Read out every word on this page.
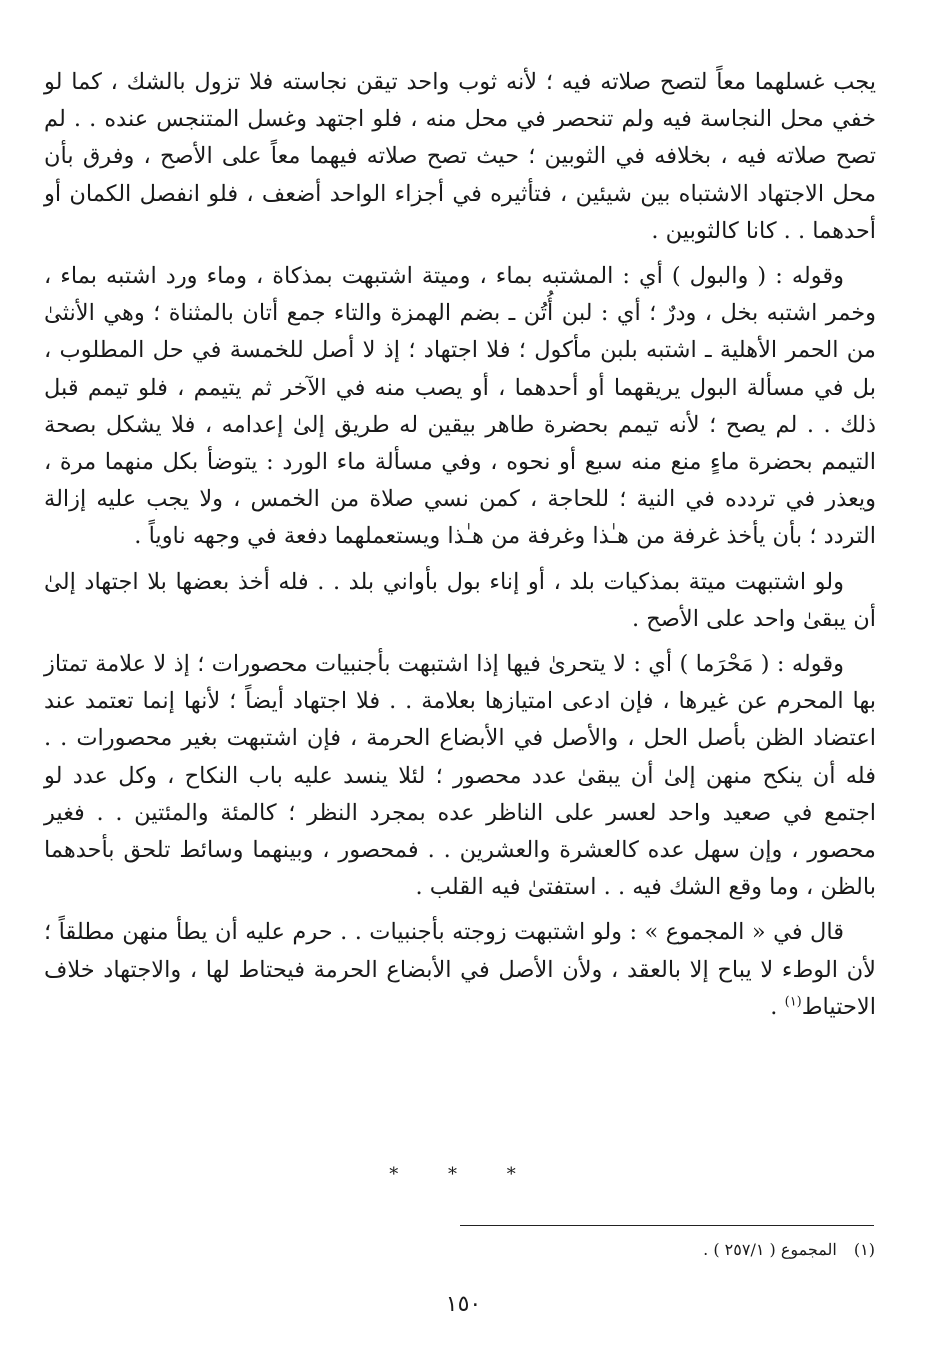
يجب غسلهما معاً لتصح صلاته فيه ؛ لأنه ثوب واحد تيقن نجاسته فلا تزول بالشك ، كما لو خفي محل النجاسة فيه ولم تنحصر في محل منه ، فلو اجتهد وغسل المتنجس عنده . . لم تصح صلاته فيه ، بخلافه في الثوبين ؛ حيث تصح صلاته فيهما معاً على الأصح ، وفرق بأن محل الاجتهاد الاشتباه بين شيئين ، فتأثيره في أجزاء الواحد أضعف ، فلو انفصل الكمان أو أحدهما . . كانا كالثوبين .

وقوله : ( والبول ) أي : المشتبه بماء ، وميتة اشتبهت بمذكاة ، وماء ورد اشتبه بماء ، وخمر اشتبه بخل ، ودرٌ ؛ أي : لبن أُتُن ـ بضم الهمزة والتاء جمع أتان بالمثناة ؛ وهي الأنثىٰ من الحمر الأهلية ـ اشتبه بلبن مأكول ؛ فلا اجتهاد ؛ إذ لا أصل للخمسة في حل المطلوب ، بل في مسألة البول يريقهما أو أحدهما ، أو يصب منه في الآخر ثم يتيمم ، فلو تيمم قبل ذلك . . لم يصح ؛ لأنه تيمم بحضرة طاهر بيقين له طريق إلىٰ إعدامه ، فلا يشكل بصحة التيمم بحضرة ماءٍ منع منه سبع أو نحوه ، وفي مسألة ماء الورد : يتوضأ بكل منهما مرة ، ويعذر في تردده في النية ؛ للحاجة ، كمن نسي صلاة من الخمس ، ولا يجب عليه إزالة التردد ؛ بأن يأخذ غرفة من هـٰذا وغرفة من هـٰذا ويستعملهما دفعة في وجهه ناوياً .

ولو اشتبهت ميتة بمذكيات بلد ، أو إناء بول بأواني بلد . . فله أخذ بعضها بلا اجتهاد إلىٰ أن يبقىٰ واحد على الأصح .

وقوله : ( مَحْرَما ) أي : لا يتحرىٰ فيها إذا اشتبهت بأجنبيات محصورات ؛ إذ لا علامة تمتاز بها المحرم عن غيرها ، فإن ادعى امتيازها بعلامة . . فلا اجتهاد أيضاً ؛ لأنها إنما تعتمد عند اعتضاد الظن بأصل الحل ، والأصل في الأبضاع الحرمة ، فإن اشتبهت بغير محصورات . . فله أن ينكح منهن إلىٰ أن يبقىٰ عدد محصور ؛ لئلا ينسد عليه باب النكاح ، وكل عدد لو اجتمع في صعيد واحد لعسر على الناظر عده بمجرد النظر ؛ كالمئة والمئتين . . فغير محصور ، وإن سهل عده كالعشرة والعشرين . . فمحصور ، وبينهما وسائط تلحق بأحدهما بالظن ، وما وقع الشك فيه . . استفتىٰ فيه القلب .

قال في « المجموع » : ولو اشتبهت زوجته بأجنبيات . . حرم عليه أن يطأ منهن مطلقاً ؛ لأن الوطء لا يباح إلا بالعقد ، ولأن الأصل في الأبضاع الحرمة فيحتاط لها ، والاجتهاد خلاف الاحتياط$^{(١)}$ .

* * *
(١) المجموع ( ٢٥٧/١ ) .
١٥٠
